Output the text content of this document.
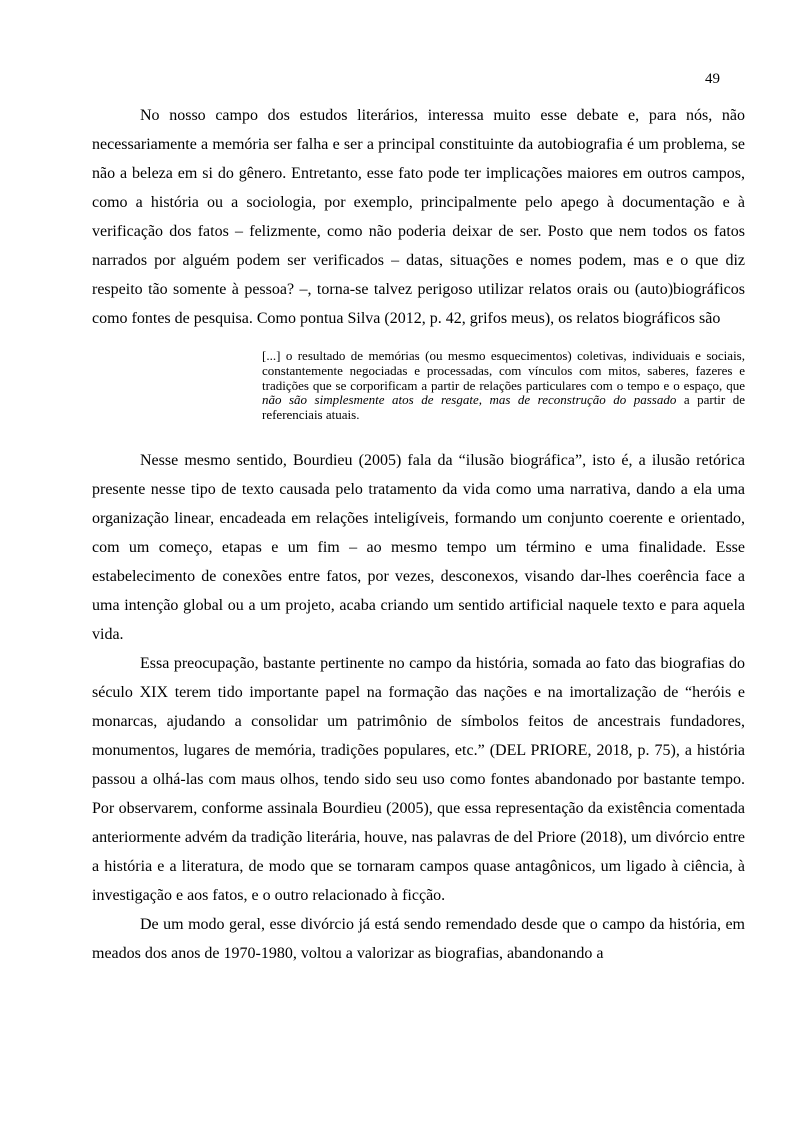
49

No nosso campo dos estudos literários, interessa muito esse debate e, para nós, não necessariamente a memória ser falha e ser a principal constituinte da autobiografia é um problema, se não a beleza em si do gênero. Entretanto, esse fato pode ter implicações maiores em outros campos, como a história ou a sociologia, por exemplo, principalmente pelo apego à documentação e à verificação dos fatos – felizmente, como não poderia deixar de ser. Posto que nem todos os fatos narrados por alguém podem ser verificados – datas, situações e nomes podem, mas e o que diz respeito tão somente à pessoa? –, torna-se talvez perigoso utilizar relatos orais ou (auto)biográficos como fontes de pesquisa. Como pontua Silva (2012, p. 42, grifos meus), os relatos biográficos são

[...] o resultado de memórias (ou mesmo esquecimentos) coletivas, individuais e sociais, constantemente negociadas e processadas, com vínculos com mitos, saberes, fazeres e tradições que se corporificam a partir de relações particulares com o tempo e o espaço, que não são simplesmente atos de resgate, mas de reconstrução do passado a partir de referenciais atuais.

Nesse mesmo sentido, Bourdieu (2005) fala da “ilusão biográfica”, isto é, a ilusão retórica presente nesse tipo de texto causada pelo tratamento da vida como uma narrativa, dando a ela uma organização linear, encadeada em relações inteligíveis, formando um conjunto coerente e orientado, com um começo, etapas e um fim – ao mesmo tempo um término e uma finalidade. Esse estabelecimento de conexões entre fatos, por vezes, desconexos, visando dar-lhes coerência face a uma intenção global ou a um projeto, acaba criando um sentido artificial naquele texto e para aquela vida.

Essa preocupação, bastante pertinente no campo da história, somada ao fato das biografias do século XIX terem tido importante papel na formação das nações e na imortalização de “heróis e monarcas, ajudando a consolidar um patrimônio de símbolos feitos de ancestrais fundadores, monumentos, lugares de memória, tradições populares, etc.” (DEL PRIORE, 2018, p. 75), a história passou a olhá-las com maus olhos, tendo sido seu uso como fontes abandonado por bastante tempo. Por observarem, conforme assinala Bourdieu (2005), que essa representação da existência comentada anteriormente advém da tradição literária, houve, nas palavras de del Priore (2018), um divórcio entre a história e a literatura, de modo que se tornaram campos quase antagônicos, um ligado à ciência, à investigação e aos fatos, e o outro relacionado à ficção.

De um modo geral, esse divórcio já está sendo remendado desde que o campo da história, em meados dos anos de 1970-1980, voltou a valorizar as biografias, abandonando a
